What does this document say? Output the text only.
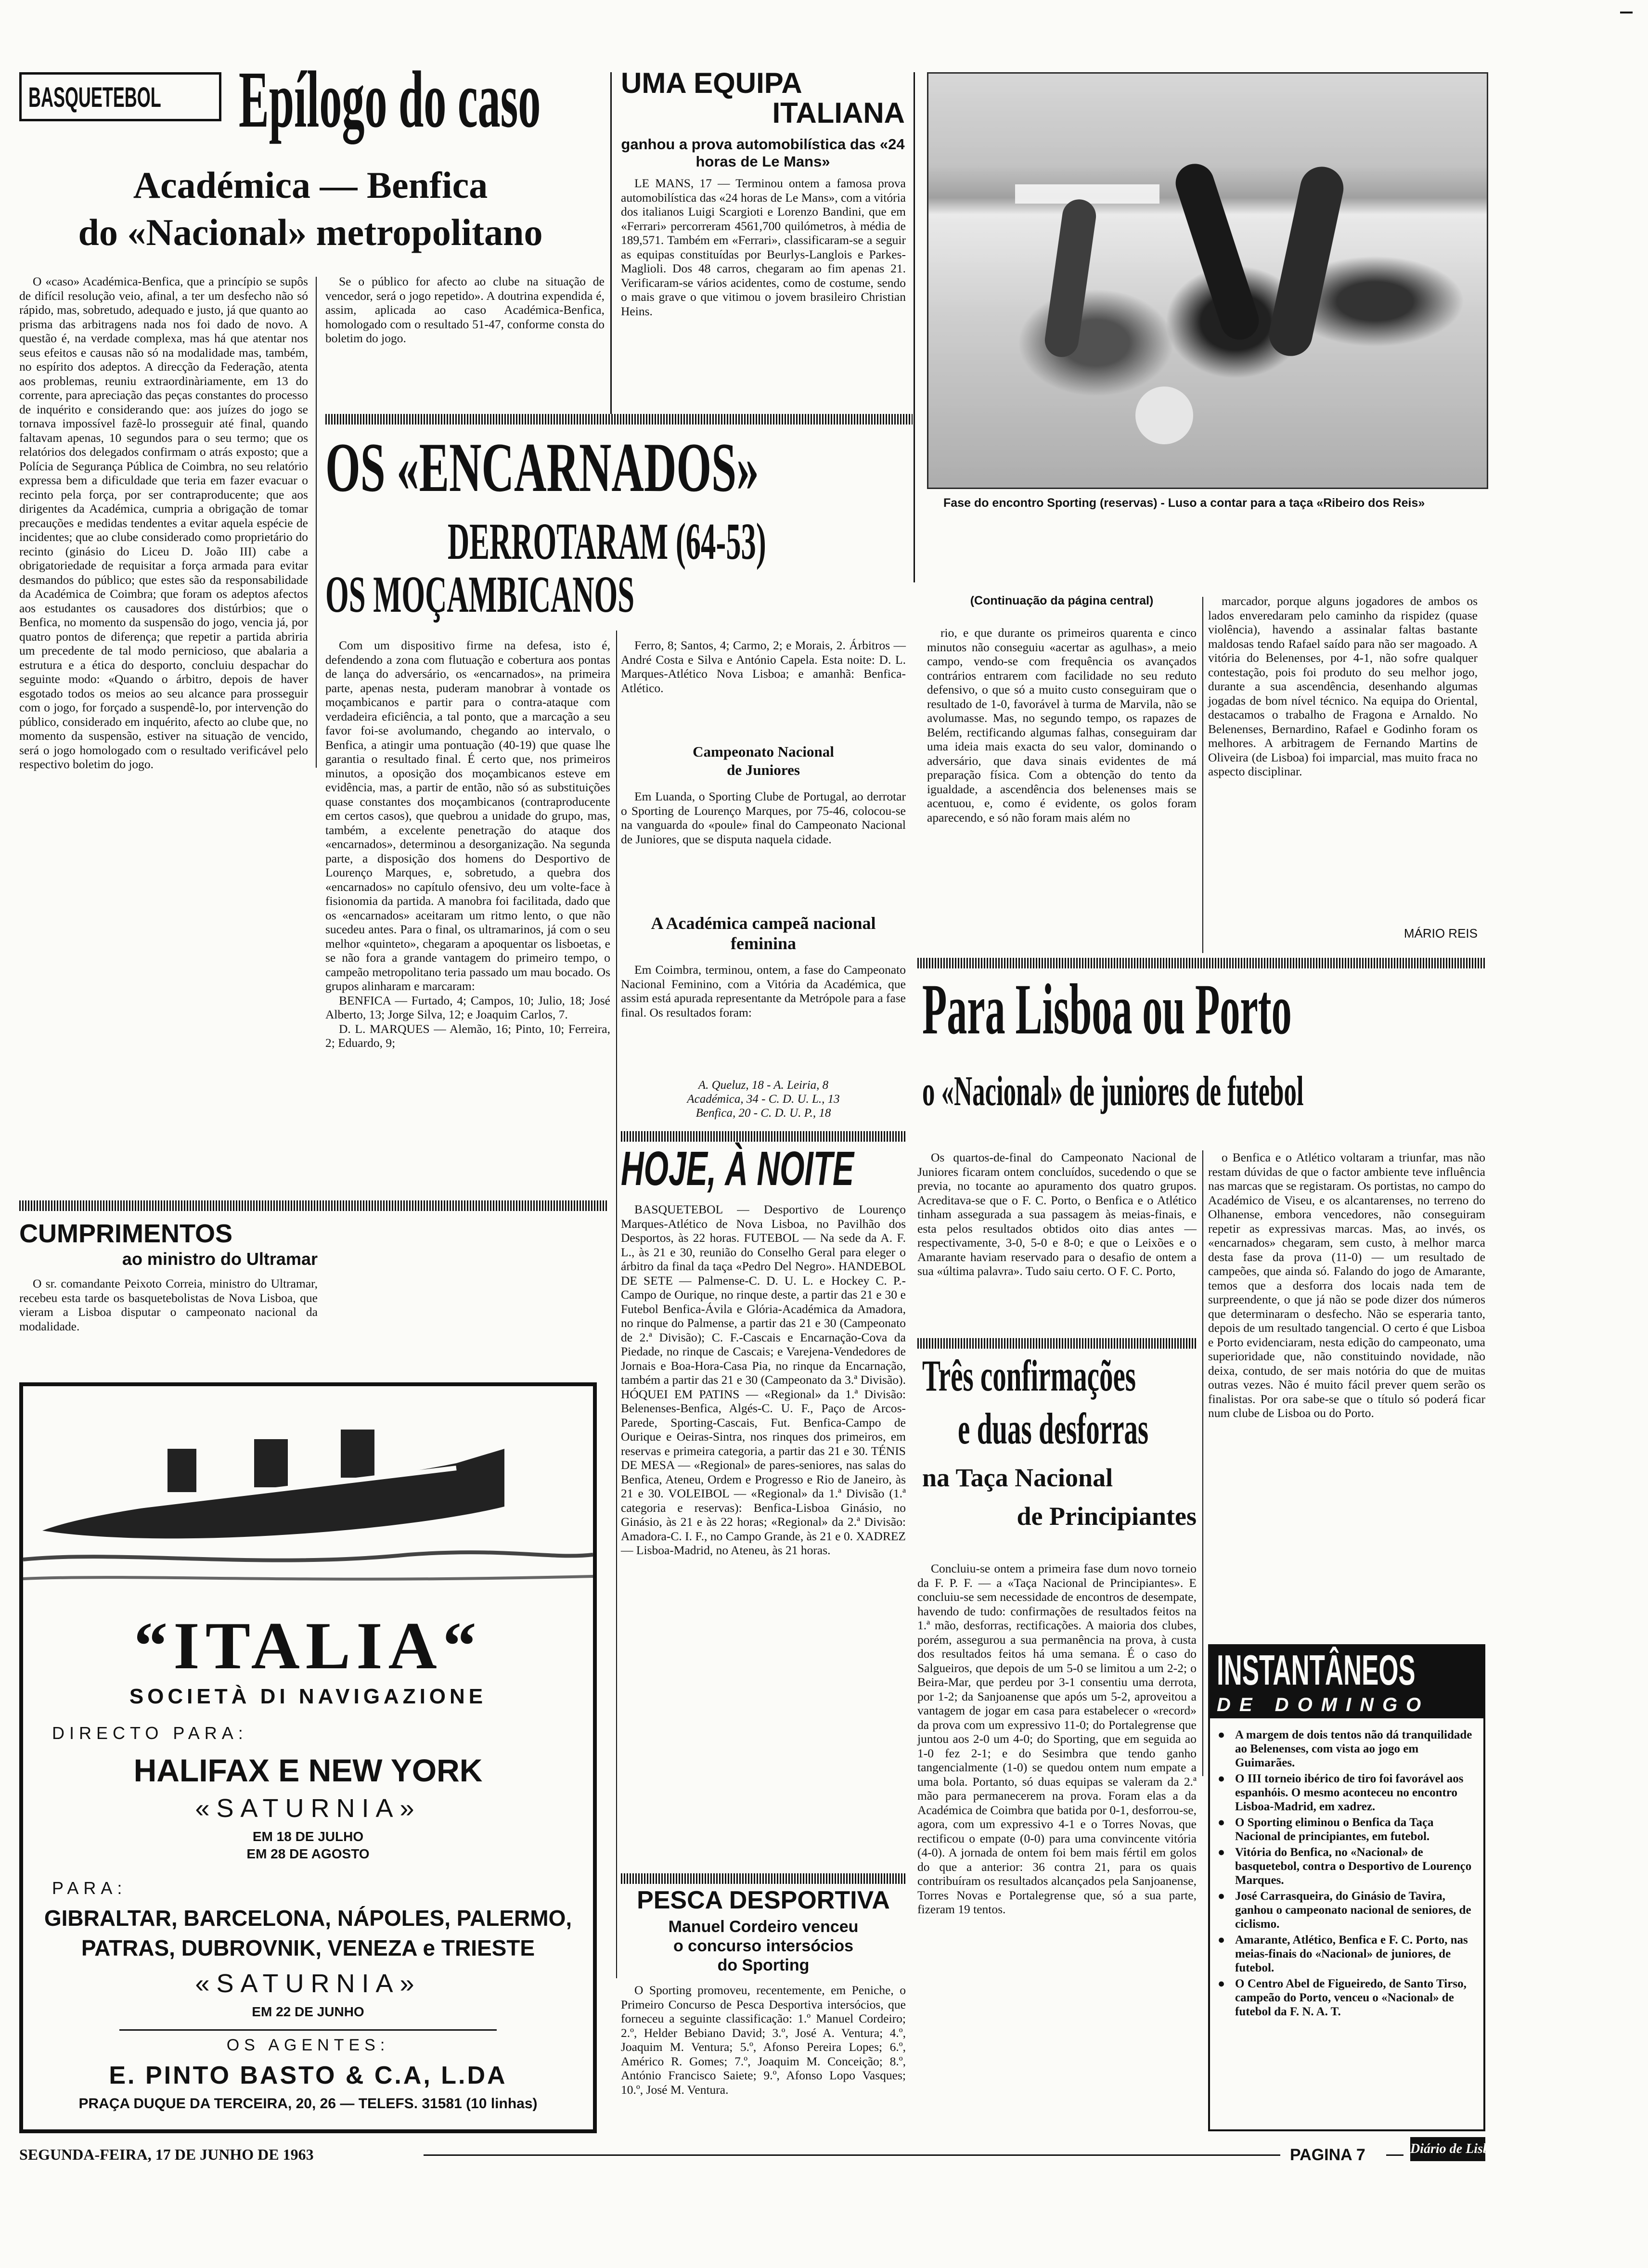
BASQUETEBOL Epílogo do caso
Académica — Benfica
do «Nacional» metropolitano

O «caso» Académica-Benfica, que a princípio se supôs de difícil resolução veio, afinal, a ter um desfecho não só rápido, mas, sobretudo, adequado e justo, já que quanto ao prisma das arbitragens nada nos foi dado de novo. A questão é, na verdade complexa, mas há que atentar nos seus efeitos e causas não só na modalidade mas, também, no espírito dos adeptos. A direcção da Federação, atenta aos problemas, reuniu extraordinàriamente, em 13 do corrente, para apreciação das peças constantes do processo de inquérito e considerando que: aos juízes do jogo se tornava impossível fazê-lo prosseguir até final, quando faltavam apenas, 10 segundos para o seu termo; que os relatórios dos delegados confirmam o atrás exposto; que a Polícia de Segurança Pública de Coimbra, no seu relatório expressa bem a dificuldade que teria em fazer evacuar o recinto pela força, por ser contraproducente; que aos dirigentes da Académica, cumpria a obrigação de tomar precauções e medidas tendentes a evitar aquela espécie de incidentes; que ao clube considerado como proprietário do recinto (ginásio do Liceu D. João III) cabe a obrigatoriedade de requisitar a força armada para evitar desmandos do público; que estes são da responsabilidade da Académica de Coimbra; que foram os adeptos afectos aos estudantes os causadores dos distúrbios; que o Benfica, no momento da suspensão do jogo, vencia já, por quatro pontos de diferença; que repetir a partida abriria um precedente de tal modo pernicioso, que abalaria a estrutura e a ética do desporto, concluiu despachar do seguinte modo: «Quando o árbitro, depois de haver esgotado todos os meios ao seu alcance para prosseguir com o jogo, for forçado a suspendê-lo, por intervenção do público, considerado em inquérito, afecto ao clube que, no momento da suspensão, estiver na situação de vencido, será o jogo homologado com o resultado verificável pelo respectivo boletim do jogo.

Se o público for afecto ao clube na situação de vencedor, será o jogo repetido». A doutrina expendida é, assim, aplicada ao caso Académica-Benfica, homologado com o resultado 51-47, conforme consta do boletim do jogo.

UMA EQUIPA
ITALIANA
ganhou a prova automobilística das «24 horas de Le Mans»

LE MANS, 17 — Terminou ontem a famosa prova automobilística das «24 horas de Le Mans», com a vitória dos italianos Luigi Scargioti e Lorenzo Bandini, que em «Ferrari» percorreram 4561,700 quilómetros, à média de 189,571. Também em «Ferrari», classificaram-se a seguir as equipas constituídas por Beurlys-Langlois e Parkes-Maglioli. Dos 48 carros, chegaram ao fim apenas 21. Verificaram-se vários acidentes, como de costume, sendo o mais grave o que vitimou o jovem brasileiro Christian Heins.

Fase do encontro Sporting (reservas) - Luso a contar para a taça «Ribeiro dos Reis»
OS «ENCARNADOS»
DERROTARAM (64-53)
OS MOÇAMBICANOS

Com um dispositivo firme na defesa, isto é, defendendo a zona com flutuação e cobertura aos pontas de lança do adversário, os «encarnados», na primeira parte, apenas nesta, puderam manobrar à vontade os moçambicanos e partir para o contra-ataque com verdadeira eficiência, a tal ponto, que a marcação a seu favor foi-se avolumando, chegando ao intervalo, o Benfica, a atingir uma pontuação (40-19) que quase lhe garantia o resultado final. É certo que, nos primeiros minutos, a oposição dos moçambicanos esteve em evidência, mas, a partir de então, não só as substituições quase constantes dos moçambicanos (contraproducente em certos casos), que quebrou a unidade do grupo, mas, também, a excelente penetração do ataque dos «encarnados», determinou a desorganização. Na segunda parte, a disposição dos homens do Desportivo de Lourenço Marques, e, sobretudo, a quebra dos «encarnados» no capítulo ofensivo, deu um volte-face à fisionomia da partida. A manobra foi facilitada, dado que os «encarnados» aceitaram um ritmo lento, o que não sucedeu antes. Para o final, os ultramarinos, já com o seu melhor «quinteto», chegaram a apoquentar os lisboetas, e se não fora a grande vantagem do primeiro tempo, o campeão metropolitano teria passado um mau bocado. Os grupos alinharam e marcaram:

BENFICA — Furtado, 4; Campos, 10; Julio, 18; José Alberto, 13; Jorge Silva, 12; e Joaquim Carlos, 7.

D. L. MARQUES — Alemão, 16; Pinto, 10; Ferreira, 2; Eduardo, 9;

Ferro, 8; Santos, 4; Carmo, 2; e Morais, 2. Árbitros — André Costa e Silva e António Capela. Esta noite: D. L. Marques-Atlético Nova Lisboa; e amanhã: Benfica-Atlético.

Campeonato Nacional
de Juniores

Em Luanda, o Sporting Clube de Portugal, ao derrotar o Sporting de Lourenço Marques, por 75-46, colocou-se na vanguarda do «poule» final do Campeonato Nacional de Juniores, que se disputa naquela cidade.

A Académica campeã nacional
feminina

Em Coimbra, terminou, ontem, a fase do Campeonato Nacional Feminino, com a Vitória da Académica, que assim está apurada representante da Metrópole para a fase final. Os resultados foram:

A. Queluz, 18 - A. Leiria, 8
Académica, 34 - C. D. U. L., 13
Benfica, 20 - C. D. U. P., 18
HOJE, À NOITE

BASQUETEBOL — Desportivo de Lourenço Marques-Atlético de Nova Lisboa, no Pavilhão dos Desportos, às 22 horas. FUTEBOL — Na sede da A. F. L., às 21 e 30, reunião do Conselho Geral para eleger o árbitro da final da taça «Pedro Del Negro». HANDEBOL DE SETE — Palmense-C. D. U. L. e Hockey C. P.-Campo de Ourique, no rinque deste, a partir das 21 e 30 e Futebol Benfica-Ávila e Glória-Académica da Amadora, no rinque do Palmense, a partir das 21 e 30 (Campeonato de 2.ª Divisão); C. F.-Cascais e Encarnação-Cova da Piedade, no rinque de Cascais; e Varejena-Vendedores de Jornais e Boa-Hora-Casa Pia, no rinque da Encarnação, também a partir das 21 e 30 (Campeonato da 3.ª Divisão). HÓQUEI EM PATINS — «Regional» da 1.ª Divisão: Belenenses-Benfica, Algés-C. U. F., Paço de Arcos-Parede, Sporting-Cascais, Fut. Benfica-Campo de Ourique e Oeiras-Sintra, nos rinques dos primeiros, em reservas e primeira categoria, a partir das 21 e 30. TÉNIS DE MESA — «Regional» de pares-seniores, nas salas do Benfica, Ateneu, Ordem e Progresso e Rio de Janeiro, às 21 e 30. VOLEIBOL — «Regional» da 1.ª Divisão (1.ª categoria e reservas): Benfica-Lisboa Ginásio, no Ginásio, às 21 e às 22 horas; «Regional» da 2.ª Divisão: Amadora-C. I. F., no Campo Grande, às 21 e 0. XADREZ — Lisboa-Madrid, no Ateneu, às 21 horas.

PESCA DESPORTIVA
Manuel Cordeiro venceu
o concurso intersócios
do Sporting

O Sporting promoveu, recentemente, em Peniche, o Primeiro Concurso de Pesca Desportiva intersócios, que forneceu a seguinte classificação: 1.º Manuel Cordeiro; 2.º, Helder Bebiano David; 3.º, José A. Ventura; 4.º, Joaquim M. Ventura; 5.º, Afonso Pereira Lopes; 6.º, Américo R. Gomes; 7.º, Joaquim M. Conceição; 8.º, António Francisco Saiete; 9.º, Afonso Lopo Vasques; 10.º, José M. Ventura.

CUMPRIMENTOS
ao ministro do Ultramar

O sr. comandante Peixoto Correia, ministro do Ultramar, recebeu esta tarde os basquetebolistas de Nova Lisboa, que vieram a Lisboa disputar o campeonato nacional da modalidade.

“ITALIA“
SOCIETÀ DI NAVIGAZIONE
DIRECTO PARA:
HALIFAX E NEW YORK
«SATURNIA»
EM 18 DE JULHO
EM 28 DE AGOSTO
PARA:
GIBRALTAR, BARCELONA, NÁPOLES, PALERMO,
PATRAS, DUBROVNIK, VENEZA e TRIESTE
«SATURNIA»
EM 22 DE JUNHO
OS AGENTES:
E. PINTO BASTO & C.A, L.DA
PRAÇA DUQUE DA TERCEIRA, 20, 26 — TELEFS. 31581 (10 linhas)
(Continuação da página central)

rio, e que durante os primeiros quarenta e cinco minutos não conseguiu «acertar as agulhas», a meio campo, vendo-se com frequência os avançados contrários entrarem com facilidade no seu reduto defensivo, o que só a muito custo conseguiram que o resultado de 1-0, favorável à turma de Marvila, não se avolumasse. Mas, no segundo tempo, os rapazes de Belém, rectificando algumas falhas, conseguiram dar uma ideia mais exacta do seu valor, dominando o adversário, que dava sinais evidentes de má preparação física. Com a obtenção do tento da igualdade, a ascendência dos belenenses mais se acentuou, e, como é evidente, os golos foram aparecendo, e só não foram mais além no

marcador, porque alguns jogadores de ambos os lados enveredaram pelo caminho da rispidez (quase violência), havendo a assinalar faltas bastante maldosas tendo Rafael saído para não ser magoado. A vitória do Belenenses, por 4-1, não sofre qualquer contestação, pois foi produto do seu melhor jogo, durante a sua ascendência, desenhando algumas jogadas de bom nível técnico. Na equipa do Oriental, destacamos o trabalho de Fragona e Arnaldo. No Belenenses, Bernardino, Rafael e Godinho foram os melhores. A arbitragem de Fernando Martins de Oliveira (de Lisboa) foi imparcial, mas muito fraca no aspecto disciplinar.

MÁRIO REIS
Para Lisboa ou Porto
o «Nacional» de juniores de futebol

Os quartos-de-final do Campeonato Nacional de Juniores ficaram ontem concluídos, sucedendo o que se previa, no tocante ao apuramento dos quatro grupos. Acreditava-se que o F. C. Porto, o Benfica e o Atlético tinham assegurada a sua passagem às meias-finais, e esta pelos resultados obtidos oito dias antes — respectivamente, 3-0, 5-0 e 8-0; e que o Leixões e o Amarante haviam reservado para o desafio de ontem a sua «última palavra». Tudo saiu certo. O F. C. Porto,

o Benfica e o Atlético voltaram a triunfar, mas não restam dúvidas de que o factor ambiente teve influência nas marcas que se registaram. Os portistas, no campo do Académico de Viseu, e os alcantarenses, no terreno do Olhanense, embora vencedores, não conseguiram repetir as expressivas marcas. Mas, ao invés, os «encarnados» chegaram, sem custo, à melhor marca desta fase da prova (11-0) — um resultado de campeões, que ainda só. Falando do jogo de Amarante, temos que a desforra dos locais nada tem de surpreendente, o que já não se pode dizer dos números que determinaram o desfecho. Não se esperaria tanto, depois de um resultado tangencial. O certo é que Lisboa e Porto evidenciaram, nesta edição do campeonato, uma superioridade que, não constituindo novidade, não deixa, contudo, de ser mais notória do que de muitas outras vezes. Não é muito fácil prever quem serão os finalistas. Por ora sabe-se que o título só poderá ficar num clube de Lisboa ou do Porto.

Três confirmações
e duas desforras
na Taça Nacional
de Principiantes

Concluiu-se ontem a primeira fase dum novo torneio da F. P. F. — a «Taça Nacional de Principiantes». E concluiu-se sem necessidade de encontros de desempate, havendo de tudo: confirmações de resultados feitos na 1.ª mão, desforras, rectificações. A maioria dos clubes, porém, assegurou a sua permanência na prova, à custa dos resultados feitos há uma semana. É o caso do Salgueiros, que depois de um 5-0 se limitou a um 2-2; o Beira-Mar, que perdeu por 3-1 consentiu uma derrota, por 1-2; da Sanjoanense que após um 5-2, aproveitou a vantagem de jogar em casa para estabelecer o «record» da prova com um expressivo 11-0; do Portalegrense que juntou aos 2-0 um 4-0; do Sporting, que em seguida ao 1-0 fez 2-1; e do Sesimbra que tendo ganho tangencialmente (1-0) se quedou ontem num empate a uma bola. Portanto, só duas equipas se valeram da 2.ª mão para permanecerem na prova. Foram elas a da Académica de Coimbra que batida por 0-1, desforrou-se, agora, com um expressivo 4-1 e o Torres Novas, que rectificou o empate (0-0) para uma convincente vitória (4-0). A jornada de ontem foi bem mais fértil em golos do que a anterior: 36 contra 21, para os quais contribuíram os resultados alcançados pela Sanjoanense, Torres Novas e Portalegrense que, só a sua parte, fizeram 19 tentos.

INSTANTÂNEOS
DE DOMINGO
● A margem de dois tentos não dá tranquilidade ao Belenenses, com vista ao jogo em Guimarães.
● O III torneio ibérico de tiro foi favorável aos espanhóis. O mesmo aconteceu no encontro Lisboa-Madrid, em xadrez.
● O Sporting eliminou o Benfica da Taça Nacional de principiantes, em futebol.
● Vitória do Benfica, no «Nacional» de basquetebol, contra o Desportivo de Lourenço Marques.
● José Carrasqueira, do Ginásio de Tavira, ganhou o campeonato nacional de seniores, de ciclismo.
● Amarante, Atlético, Benfica e F. C. Porto, nas meias-finais do «Nacional» de juniores, de futebol.
● O Centro Abel de Figueiredo, de Santo Tirso, campeão do Porto, venceu o «Nacional» de futebol da F. N. A. T.
SEGUNDA-FEIRA, 17 DE JUNHO DE 1963	PAGINA 7	Diário de Lisboa
